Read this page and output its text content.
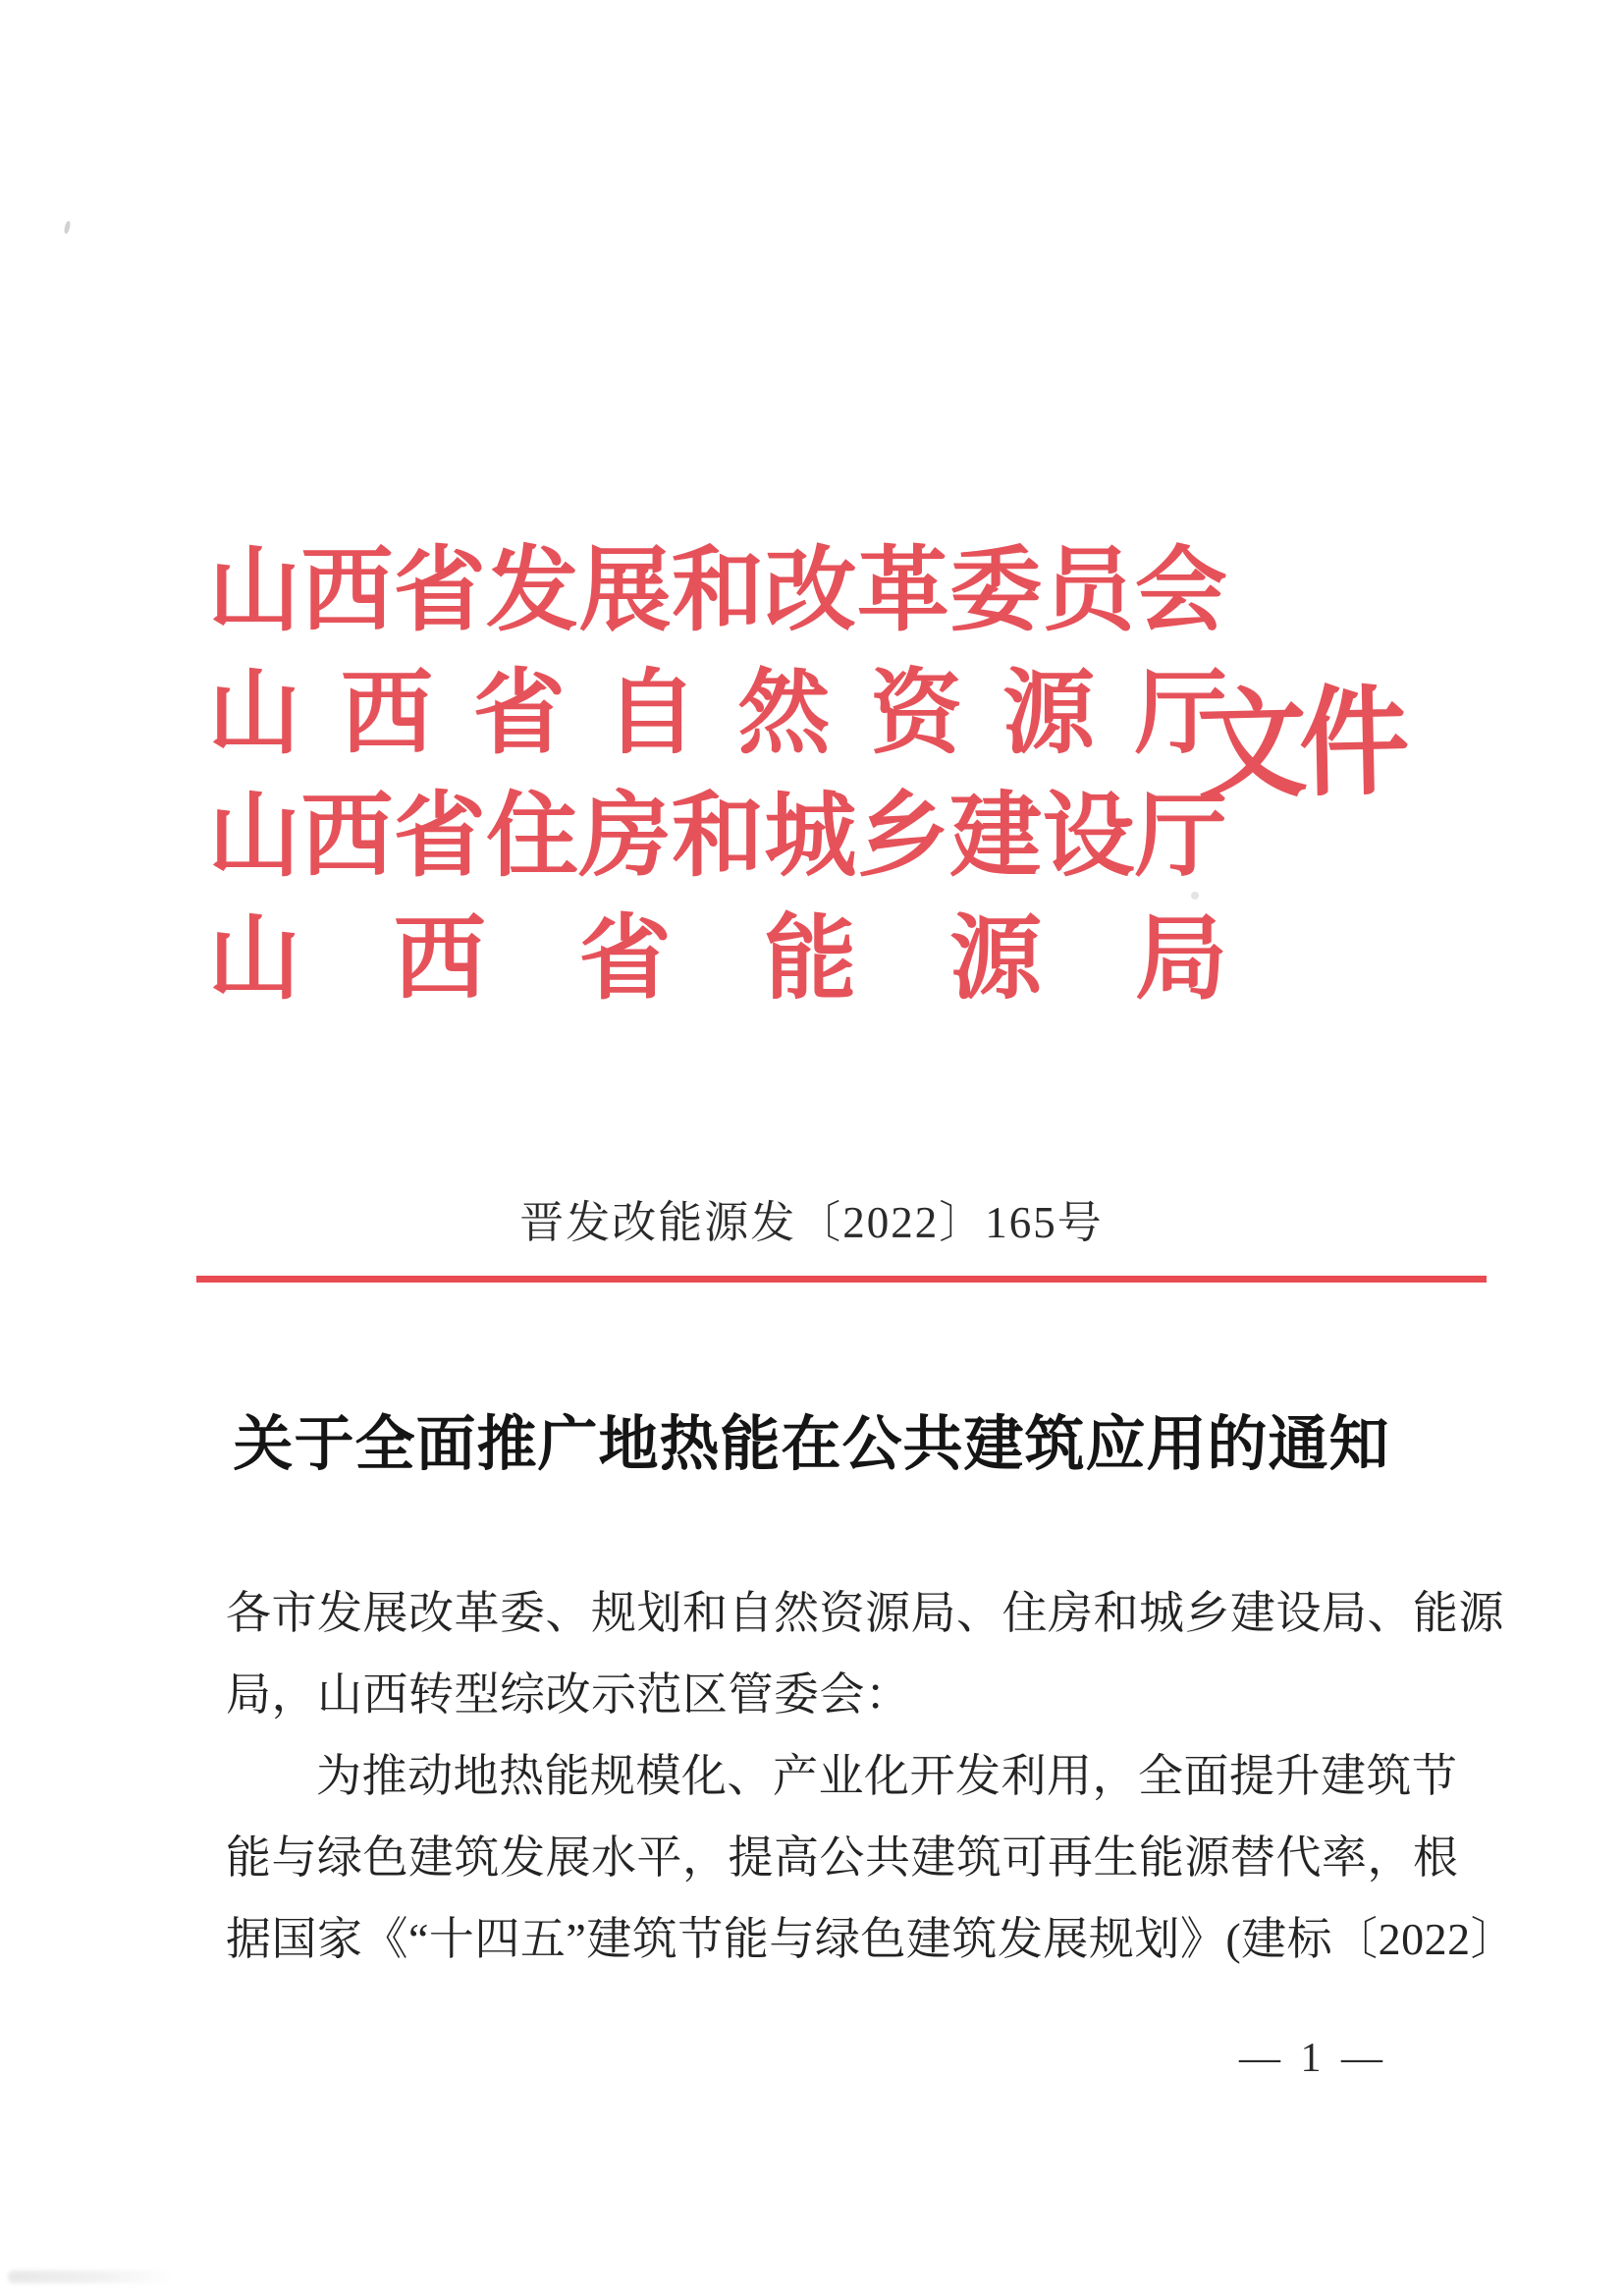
山 西 省 发 展 和 改 革 委 员 会
山 西 省 自 然 资 源 厅
山 西 省 住 房 和 城 乡 建 设 厅
山 西 省 能 源 局
文件
晋发改能源发〔2022〕165号
关于全面推广地热能在公共建筑应用的通知
各市发展改革委、规划和自然资源局、住房和城乡建设局、能源
局，山西转型综改示范区管委会：
为推动地热能规模化、产业化开发利用，全面提升建筑节
能与绿色建筑发展水平，提高公共建筑可再生能源替代率，根
据国家《“十四五”建筑节能与绿色建筑发展规划》(建标〔2022〕
— 1 —
